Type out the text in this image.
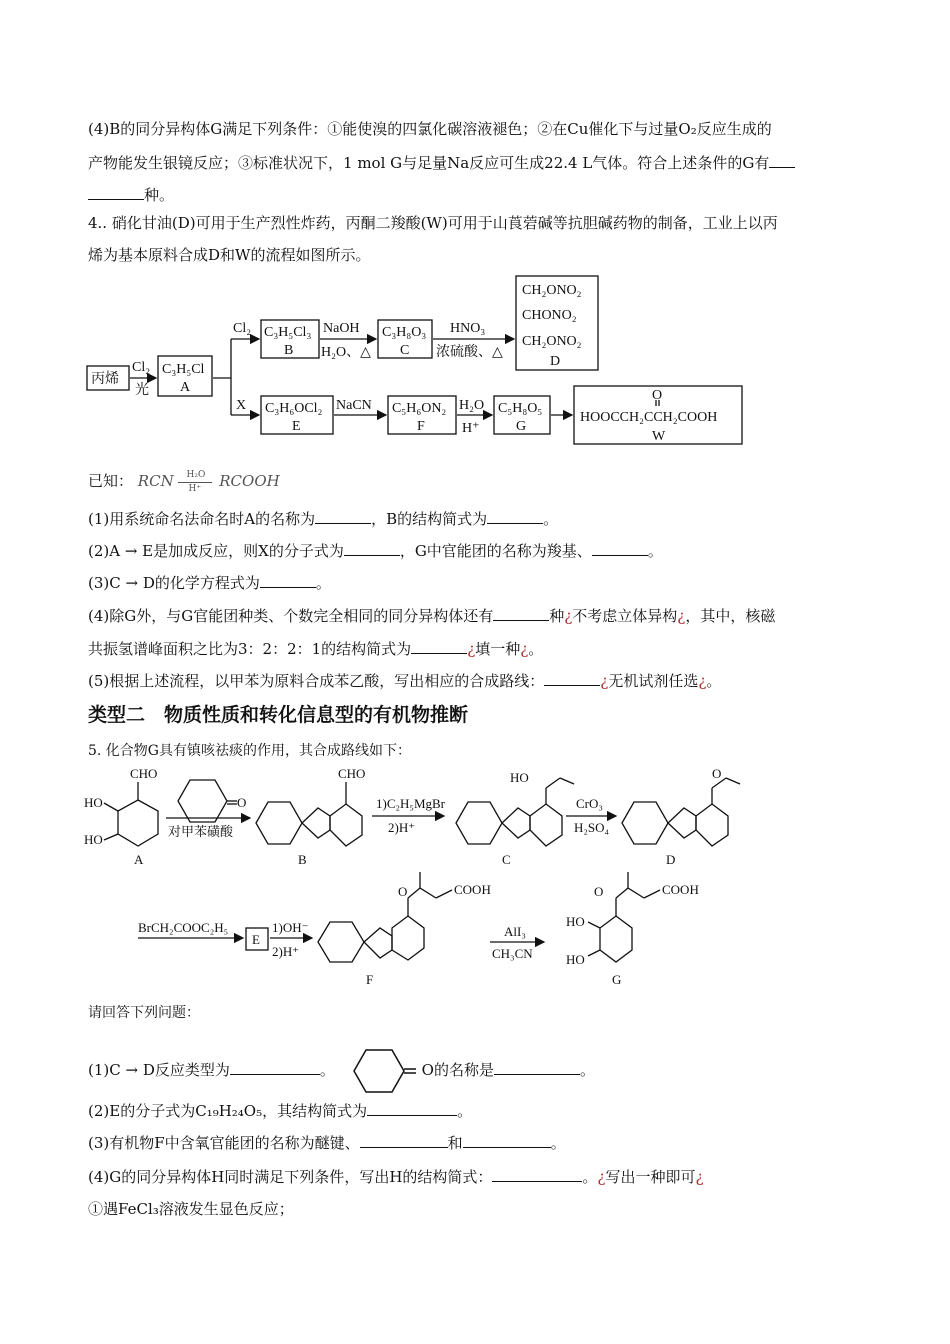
(4)B的同分异构体G满足下列条件：①能使溴的四氯化碳溶液褪色；②在Cu催化下与过量O₂反应生成的
产物能发生银镜反应；③标准状况下，1 mol G与足量Na反应可生成22.4 L气体。符合上述条件的G有
种。
4.. 硝化甘油(D)可用于生产烈性炸药，丙酮二羧酸(W)可用于山莨菪碱等抗胆碱药物的制备，工业上以丙
烯为基本原料合成D和W的流程如图所示。
丙烯
Cl₂
光
C₃H₅Cl
A
Cl₂ C₃H₅Cl₃
B
NaOH
H₂O、△
C₃H₈O₃
C
HNO₃
浓硫酸、△
CH₂ONO₂
CHONO₂
CH₂ONO₂
D
X C₃H₆OCl₂
E
NaCN C₅H₆ON₂
F
H₂O
H⁺
C₅H₈O₅
G
O
HOOCCH₂CCH₂COOH
W
已知： RCN
$\frac{\text{H₂O}}{H^+}$
RCOOH
(1)用系统命名法命名时A的名称为	，B的结构简式为	。
(2)A → E是加成反应，则X的分子式为	，G中官能团的名称为羧基、	。
(3)C → D的化学方程式为	。
(4)除G外，与G官能团种类、个数完全相同的同分异构体还有	种¿不考虑立体异构¿，其中，核磁
共振氢谱峰面积之比为3：2：2：1的结构简式为	¿填一种¿。
(5)根据上述流程，以甲苯为原料合成苯乙酸，写出相应的合成路线：	¿无机试剂任选¿。
类型二　物质性质和转化信息型的有机物推断
5. 化合物G具有镇咳祛痰的作用，其合成路线如下：
CHO
HO
HO
A
O
对甲苯磺酸
CHO
B
1)C₂H₅MgBr
2)H⁺
HO
C
CrO₃
H₂SO₄
O
D
BrCH₂COOC₂H₅
E
1)OH⁻
2)H⁺
O	COOH
F
AlI₃
CH₃CN
O	COOH
HO
HO
G
请回答下列问题：
(1)C → D反应类型为	。	O的名称是	。
(2)E的分子式为C₁₉H₂₄O₅，其结构简式为	。
(3)有机物F中含氧官能团的名称为醚键、	和	。
(4)G的同分异构体H同时满足下列条件，写出H的结构简式：	。¿写出一种即可¿
①遇FeCl₃溶液发生显色反应；
